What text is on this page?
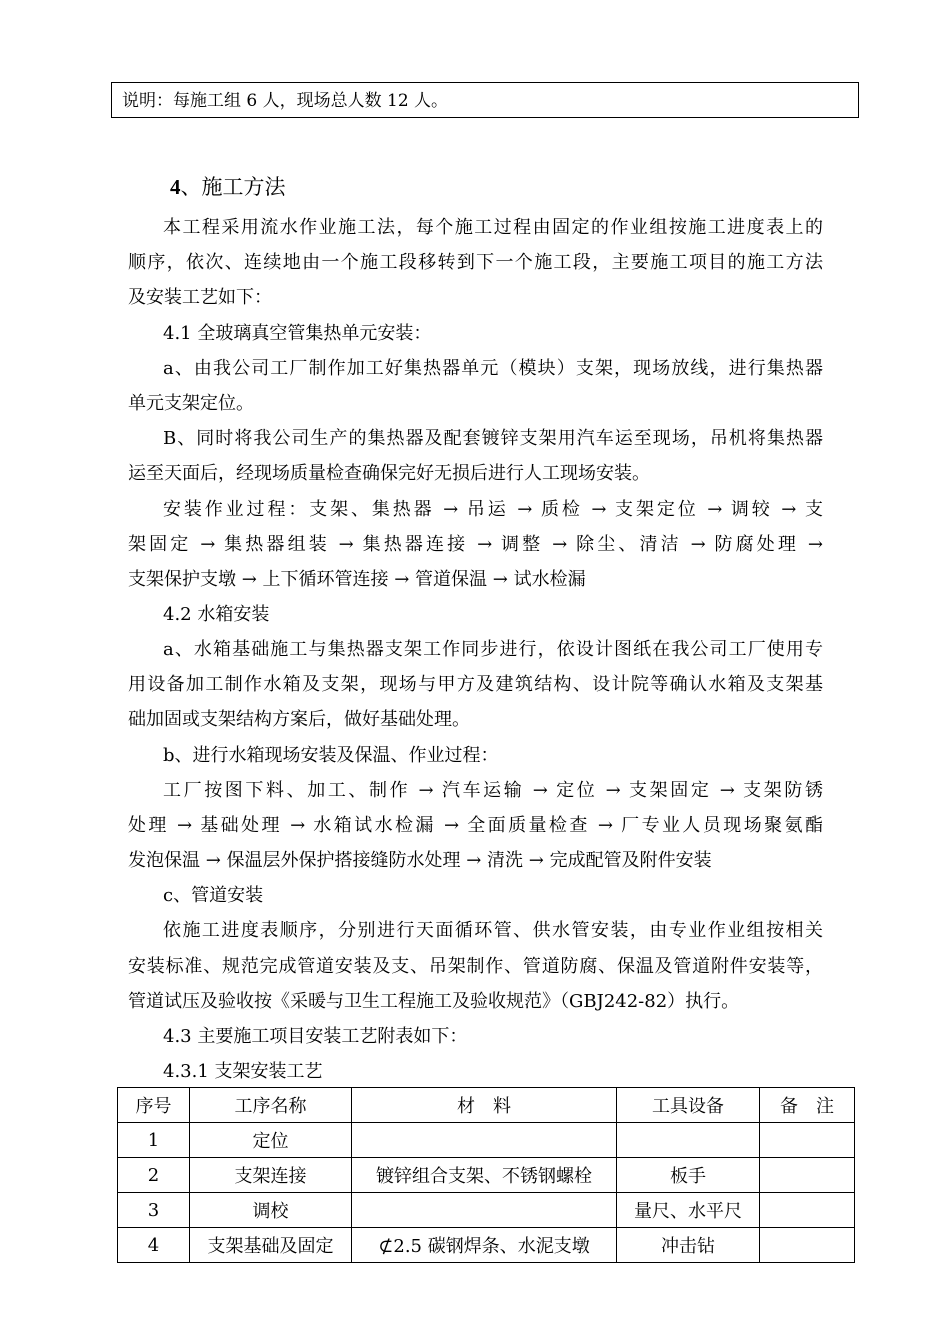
说明：每施工组 6 人，现场总人数 12 人。
4、施工方法
本工程采用流水作业施工法，每个施工过程由固定的作业组按施工进度表上的
顺序，依次、连续地由一个施工段移转到下一个施工段，主要施工项目的施工方法
及安装工艺如下：
4.1 全玻璃真空管集热单元安装：
a、由我公司工厂制作加工好集热器单元（模块）支架，现场放线，进行集热器
单元支架定位。
B、同时将我公司生产的集热器及配套镀锌支架用汽车运至现场，吊机将集热器
运至天面后，经现场质量检查确保完好无损后进行人工现场安装。
安装作业过程：支架、集热器 → 吊运 → 质检 → 支架定位 → 调较 → 支
架固定 → 集热器组装 → 集热器连接 → 调整 → 除尘、清洁 → 防腐处理 →
支架保护支墩 → 上下循环管连接 → 管道保温 → 试水检漏
4.2 水箱安装
a、水箱基础施工与集热器支架工作同步进行，依设计图纸在我公司工厂使用专
用设备加工制作水箱及支架，现场与甲方及建筑结构、设计院等确认水箱及支架基
础加固或支架结构方案后，做好基础处理。
b、进行水箱现场安装及保温、作业过程：
工厂按图下料、加工、制作 → 汽车运输 → 定位 → 支架固定 → 支架防锈
处理 → 基础处理 → 水箱试水检漏 → 全面质量检查 → 厂专业人员现场聚氨酯
发泡保温 → 保温层外保护搭接缝防水处理 → 清洗 → 完成配管及附件安装
c、管道安装
依施工进度表顺序，分别进行天面循环管、供水管安装，由专业作业组按相关
安装标准、规范完成管道安装及支、吊架制作、管道防腐、保温及管道附件安装等，
管道试压及验收按《采暖与卫生工程施工及验收规范》（GBJ242-82）执行。
4.3 主要施工项目安装工艺附表如下：
4.3.1 支架安装工艺
序号	工序名称	材　料	工具设备	备　注
1	定位			
2	支架连接	镀锌组合支架、不锈钢螺栓	板手	
3	调校		量尺、水平尺	
4	支架基础及固定	⊄2.5 碳钢焊条、水泥支墩	冲击钻	
